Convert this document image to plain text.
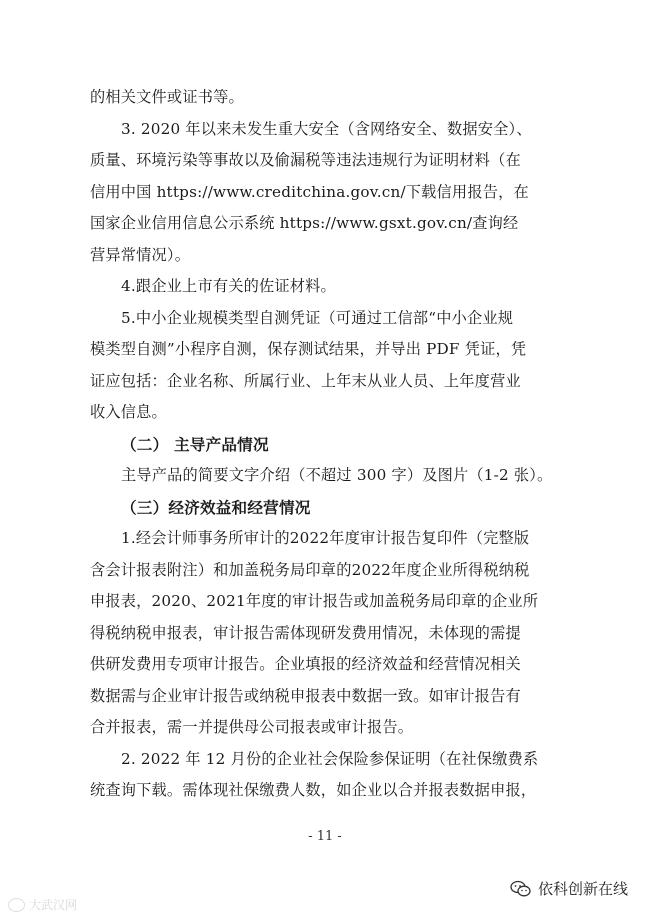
的相关文件或证书等。
3. 2020 年以来未发生重大安全（含网络安全、数据安全）、
质量、环境污染等事故以及偷漏税等违法违规行为证明材料（在
信用中国 https://www.creditchina.gov.cn/下载信用报告，在
国家企业信用信息公示系统 https://www.gsxt.gov.cn/查询经
营异常情况）。
4.跟企业上市有关的佐证材料。
5.中小企业规模类型自测凭证（可通过工信部“中小企业规
模类型自测”小程序自测，保存测试结果，并导出 PDF 凭证，凭
证应包括：企业名称、所属行业、上年末从业人员、上年度营业
收入信息。
（二） 主导产品情况
主导产品的简要文字介绍（不超过 300 字）及图片（1-2 张）。
（三）经济效益和经营情况
1.经会计师事务所审计的2022年度审计报告复印件（完整版
含会计报表附注）和加盖税务局印章的2022年度企业所得税纳税
申报表，2020、2021年度的审计报告或加盖税务局印章的企业所
得税纳税申报表，审计报告需体现研发费用情况，未体现的需提
供研发费用专项审计报告。企业填报的经济效益和经营情况相关
数据需与企业审计报告或纳税申报表中数据一致。如审计报告有
合并报表，需一并提供母公司报表或审计报告。
2. 2022 年 12 月份的企业社会保险参保证明（在社保缴费系
统查询下载。需体现社保缴费人数，如企业以合并报表数据申报，
- 11 -
大武汉网
依科创新在线
